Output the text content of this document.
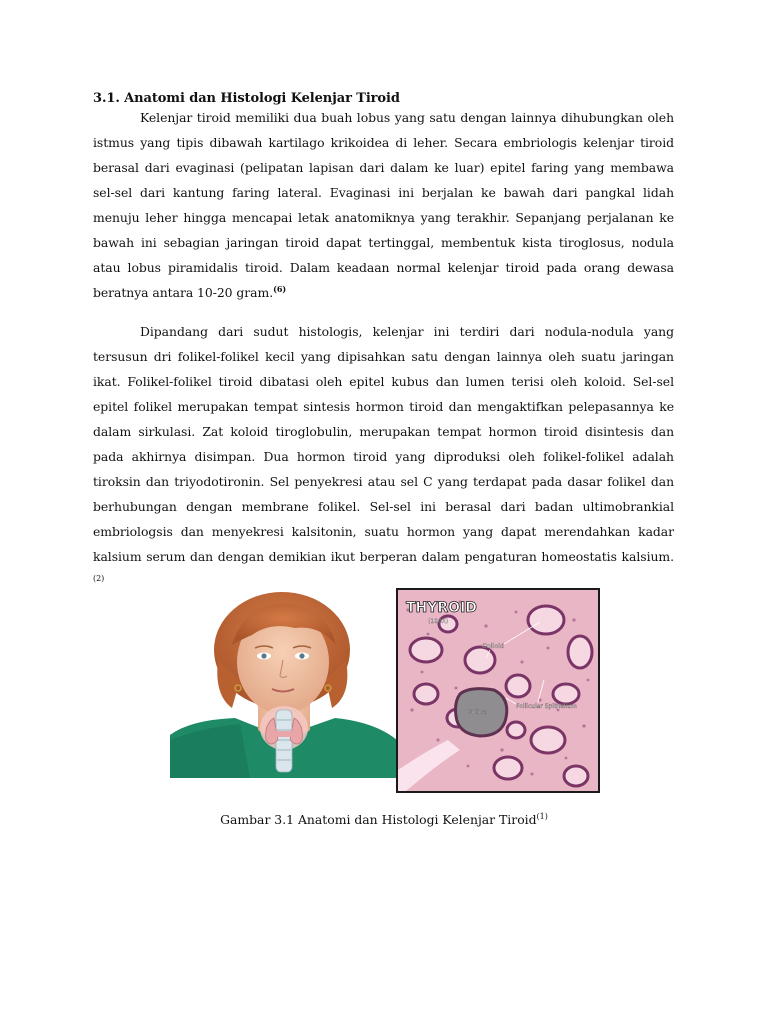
3.1. Anatomi dan Histologi Kelenjar Tiroid

Kelenjar tiroid memiliki dua buah lobus yang satu dengan lainnya dihubungkan oleh istmus yang tipis dibawah kartilago krikoidea di leher. Secara embriologis kelenjar tiroid berasal dari evaginasi (pelipatan lapisan dari dalam ke luar) epitel faring yang membawa sel-sel dari kantung faring lateral. Evaginasi ini berjalan ke bawah dari pangkal lidah menuju leher hingga mencapai letak anatomiknya yang terakhir. Sepanjang perjalanan ke bawah ini sebagian jaringan tiroid dapat tertinggal, membentuk kista tiroglosus, nodula atau lobus piramidalis tiroid. Dalam keadaan normal kelenjar tiroid pada orang dewasa beratnya antara 10-20 gram.$^{(6)}$

Dipandang dari sudut histologis, kelenjar ini terdiri dari nodula-nodula yang tersusun dri folikel-folikel kecil yang dipisahkan satu dengan lainnya oleh suatu jaringan ikat. Folikel-folikel tiroid dibatasi oleh epitel kubus dan lumen terisi oleh koloid. Sel-sel epitel folikel merupakan tempat sintesis hormon tiroid dan mengaktifkan pelepasannya ke dalam sirkulasi. Zat koloid tiroglobulin, merupakan tempat hormon tiroid disintesis dan pada akhirnya disimpan. Dua hormon tiroid yang diproduksi oleh folikel-folikel adalah tiroksin dan triyodotironin. Sel penyekresi atau sel C yang terdapat pada dasar folikel dan berhubungan dengan membrane folikel. Sel-sel ini berasal dari badan ultimobrankial embriologsis dan menyekresi kalsitonin, suatu hormon yang dapat merendahkan kadar kalsium serum dan dengan demikian ikut berperan dalam pengaturan homeostatis kalsium.$^{(2)}$

THYROID
(100X)
Colloid
Folice
Follicular Epithelium
Gambar 3.1 Anatomi dan Histologi Kelenjar Tiroid$^{(1)}$
